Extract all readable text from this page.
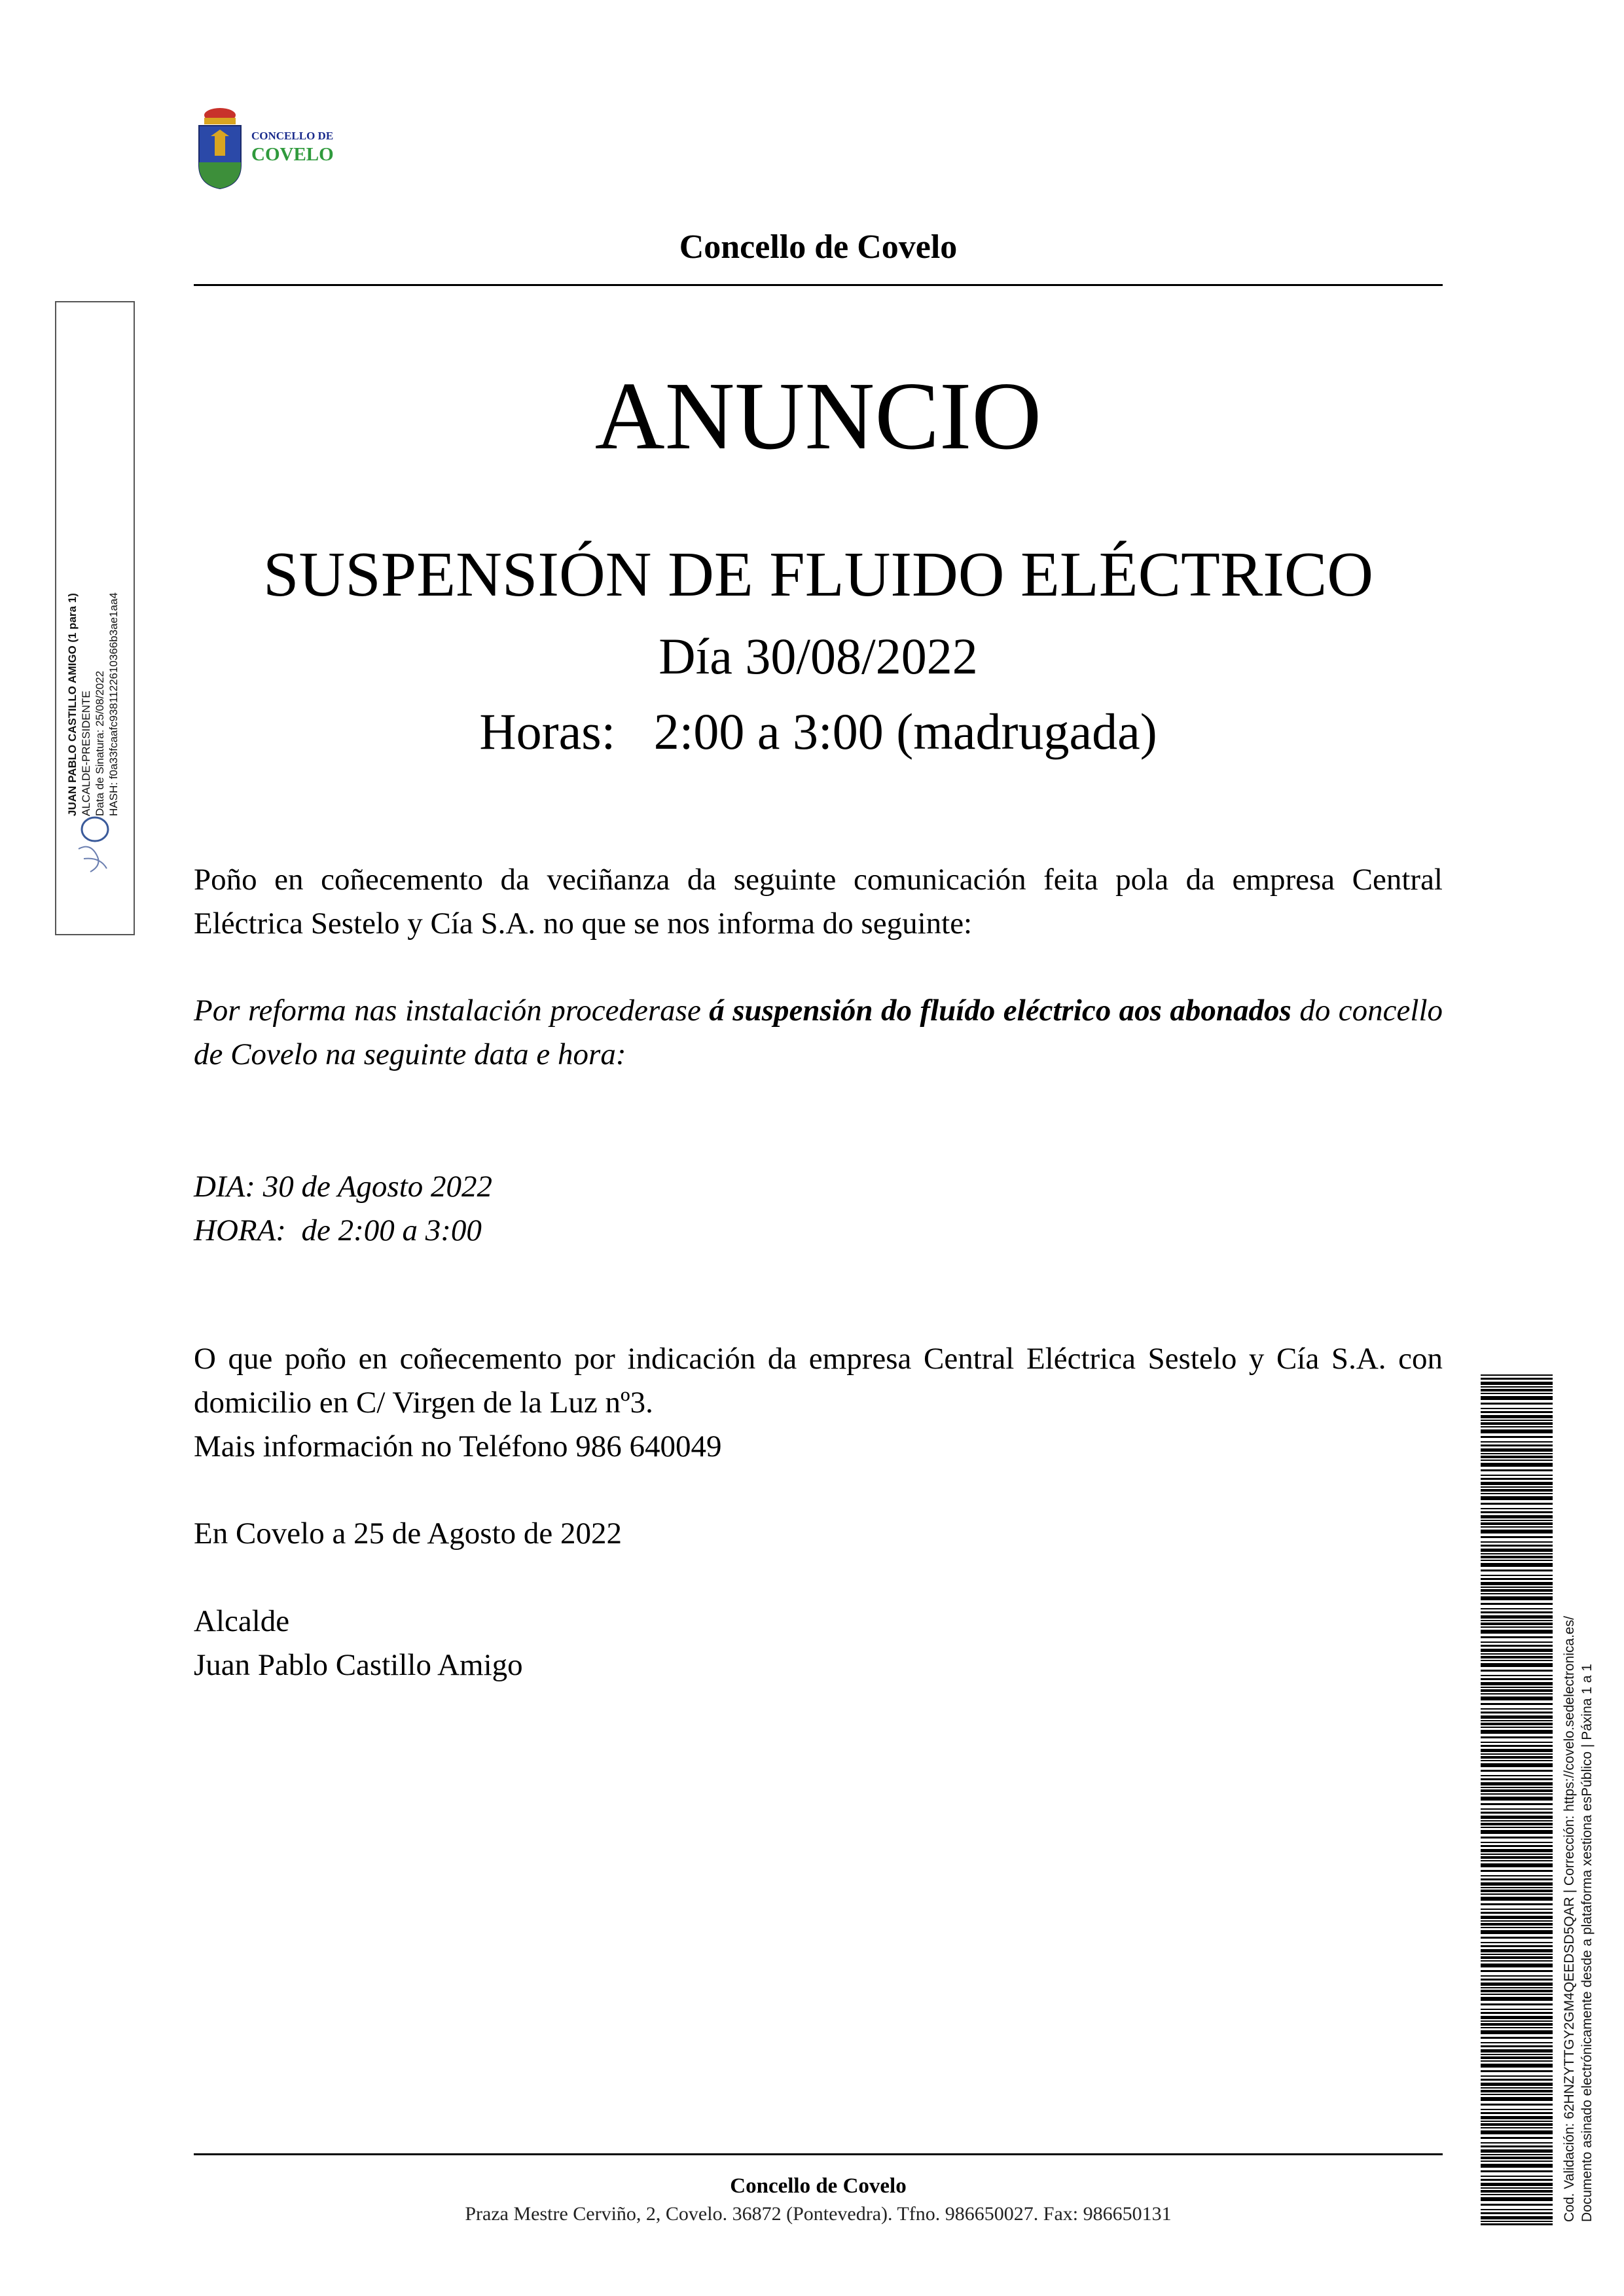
CONCELLO DE
COVELO
Concello de Covelo
ANUNCIO
SUSPENSIÓN DE FLUIDO ELÉCTRICO
Día 30/08/2022
Horas:   2:00 a 3:00 (madrugada)
Poño en coñecemento da veciñanza da seguinte comunicación feita pola da empresa Central Eléctrica Sestelo y Cía S.A. no que se nos informa do seguinte:
Por reforma nas instalación procederase á suspensión do fluído eléctrico aos abonados do concello de Covelo na seguinte data e hora:
DIA: 30 de Agosto 2022
HORA:  de 2:00 a 3:00
O que poño en coñecemento por indicación da empresa Central Eléctrica Sestelo y Cía S.A. con domicilio en C/ Virgen de la Luz nº3.
Mais información no Teléfono 986 640049
En Covelo a 25 de Agosto de 2022
Alcalde
Juan Pablo Castillo Amigo
JUAN PABLO CASTILLO AMIGO (1 para 1) ALCALDE-PRESIDENTE Data de Sinatura: 25/08/2022 HASH: f0a33fcaafc93811226103​66b3ae1aa4
Cod. Validación: 62HNZYTTGY2GM4QEEDSD5QAR | Corrección: https://covelo.sedelectronica.es/ Documento asinado electrónicamente desde a plataforma xestiona esPúblico | Páxina 1 a 1
Concello de Covelo
Praza Mestre Cerviño, 2, Covelo. 36872 (Pontevedra). Tfno. 986650027. Fax: 986650131
